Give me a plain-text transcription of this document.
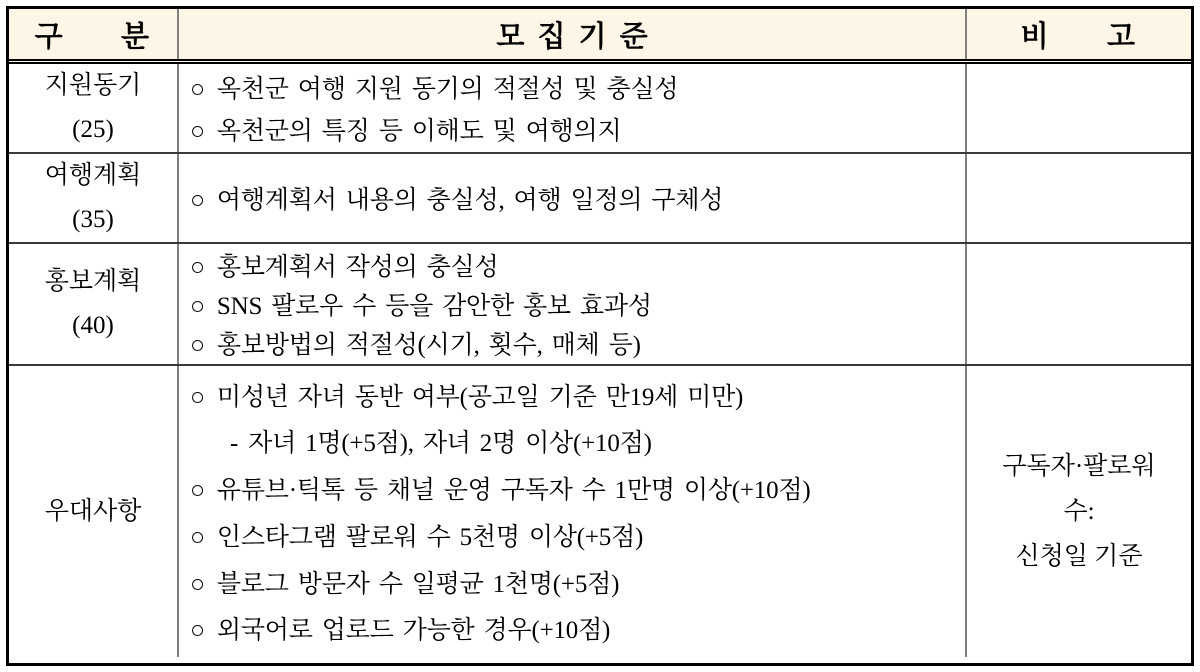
구 분	모집기준	비 고
지원동기
(25)
○ 옥천군 여행 지원 동기의 적절성 및 충실성
○ 옥천군의 특징 등 이해도 및 여행의지
여행계획
(35)
○ 여행계획서 내용의 충실성, 여행 일정의 구체성
홍보계획
(40)
○ 홍보계획서 작성의 충실성
○ SNS 팔로우 수 등을 감안한 홍보 효과성
○ 홍보방법의 적절성(시기, 횟수, 매체 등)
우대사항
○ 미성년 자녀 동반 여부(공고일 기준 만19세 미만)
- 자녀 1명(+5점), 자녀 2명 이상(+10점)
○ 유튜브·틱톡 등 채널 운영 구독자 수 1만명 이상(+10점)
○ 인스타그램 팔로워 수 5천명 이상(+5점)
○ 블로그 방문자 수 일평균 1천명(+5점)
○ 외국어로 업로드 가능한 경우(+10점)
구독자·팔로워
수:
신청일 기준
